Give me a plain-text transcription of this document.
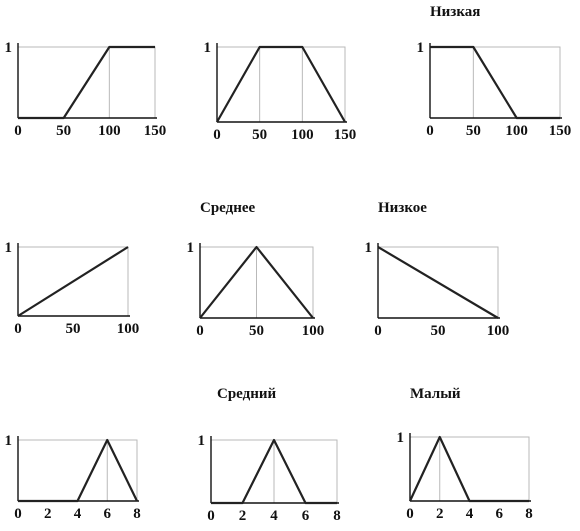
0 50 100 150
1
0 50 100 150
1
0 50 100 150
1
Низкая
0	50 100
1
0	50	100
1
Среднее
0	50	100
1
Низкое
0 2 4 6 8
1
0 2 4 6 8
1
Средний
0 2 4 6 8
1
Малый
